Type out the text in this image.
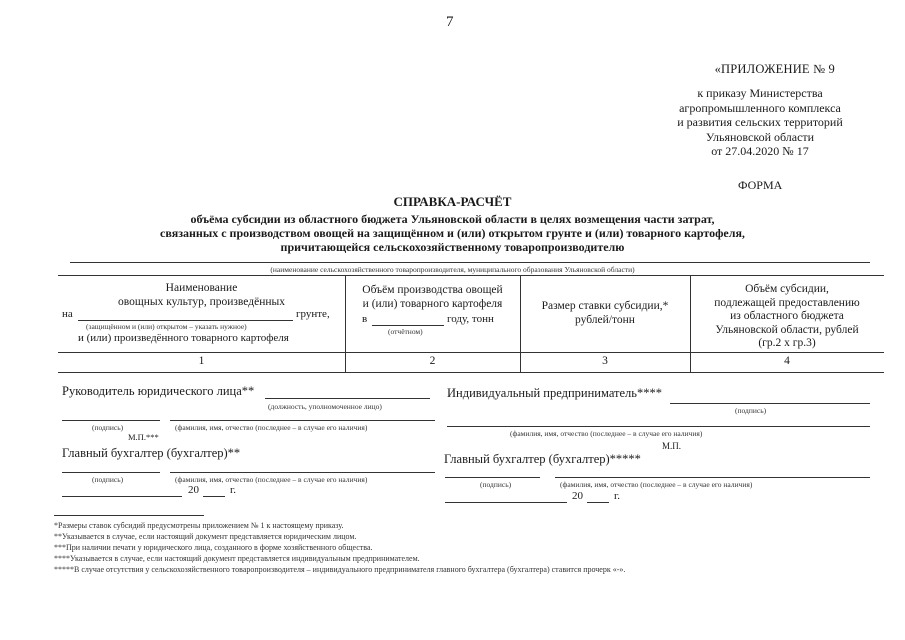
7
«ПРИЛОЖЕНИЕ № 9
к приказу Министерства
агропромышленного комплекса
и развития сельских территорий
Ульяновской области
от 27.04.2020 № 17
ФОРМА
СПРАВКА-РАСЧЁТ
объёма субсидии из областного бюджета Ульяновской области в целях возмещения части затрат,
связанных с производством овощей на защищённом и (или) открытом грунте и (или) товарного картофеля,
причитающейся сельскохозяйственному товаропроизводителю
(наименование сельскохозяйственного товаропроизводителя, муниципального образования Ульяновской области)
Наименование
овощных культур, произведённых
на	грунте,
(защищённом и (или) открытом – указать нужное)
и (или) произведённого товарного картофеля
Объём производства овощей
и (или) товарного картофеля
в	году, тонн
(отчётном)
Размер ставки субсидии,*
рублей/тонн
Объём субсидии,
подлежащей предоставлению
из областного бюджета
Ульяновской области, рублей
(гр.2 х гр.3)
1	2	3	4
Руководитель юридического лица**
(должность, уполномоченное лицо)
(подпись)	(фамилия, имя, отчество (последнее – в случае его наличия)
М.П.***
Индивидуальный предприниматель****
(подпись)
(фамилия, имя, отчество (последнее – в случае его наличия)
М.П.
Главный бухгалтер (бухгалтер)**
(подпись)	(фамилия, имя, отчество (последнее – в случае его наличия)
20	г.
Главный бухгалтер (бухгалтер)*****
(подпись)	(фамилия, имя, отчество (последнее – в случае его наличия)
20	г.
*Размеры ставок субсидий предусмотрены приложением № 1 к настоящему приказу.
**Указывается в случае, если настоящий документ представляется юридическим лицом.
***При наличии печати у юридического лица, созданного в форме хозяйственного общества.
****Указывается в случае, если настоящий документ представляется индивидуальным предпринимателем.
*****В случае отсутствия у сельскохозяйственного товаропроизводителя – индивидуального предпринимателя главного бухгалтера (бухгалтера) ставится прочерк «-».
